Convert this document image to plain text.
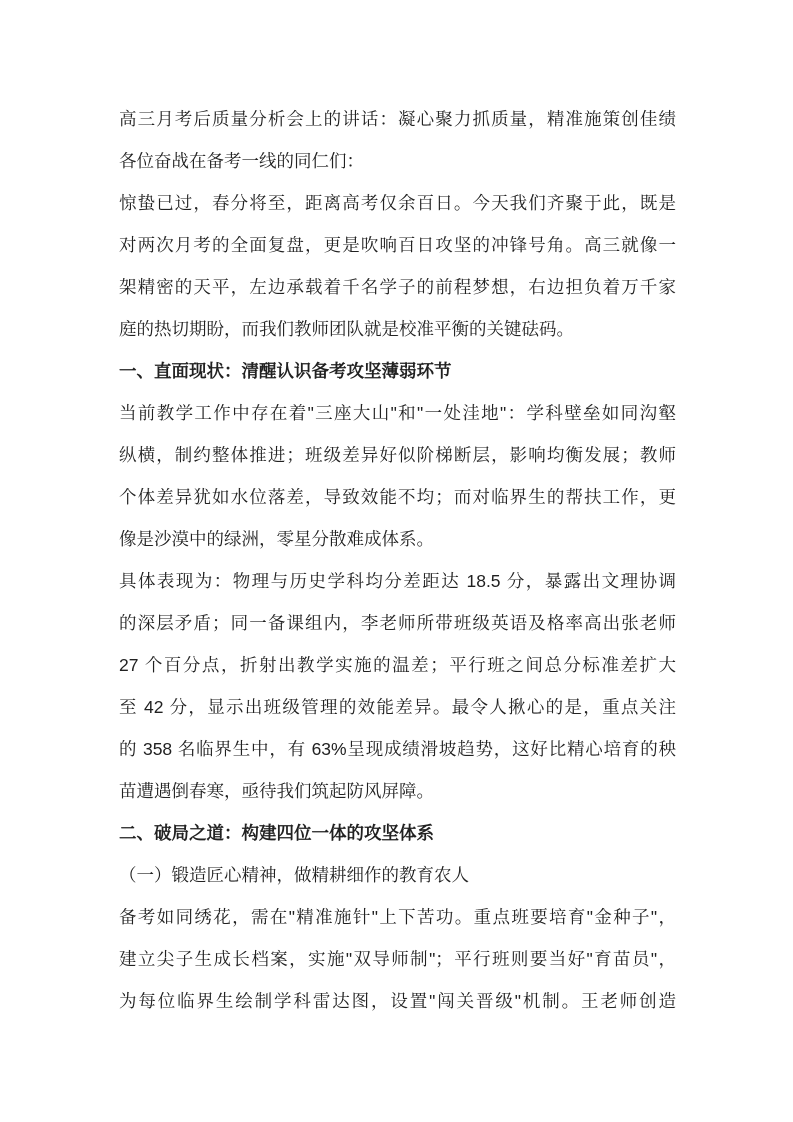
高三月考后质量分析会上的讲话：凝心聚力抓质量，精准施策创佳绩
各位奋战在备考一线的同仁们：
惊蛰已过，春分将至，距离高考仅余百日。今天我们齐聚于此，既是
对两次月考的全面复盘，更是吹响百日攻坚的冲锋号角。高三就像一
架精密的天平，左边承载着千名学子的前程梦想，右边担负着万千家
庭的热切期盼，而我们教师团队就是校准平衡的关键砝码。
一、直面现状：清醒认识备考攻坚薄弱环节
当前教学工作中存在着"三座大山"和"一处洼地"：学科壁垒如同沟壑
纵横，制约整体推进；班级差异好似阶梯断层，影响均衡发展；教师
个体差异犹如水位落差，导致效能不均；而对临界生的帮扶工作，更
像是沙漠中的绿洲，零星分散难成体系。
具体表现为：物理与历史学科均分差距达 18.5 分，暴露出文理协调
的深层矛盾；同一备课组内，李老师所带班级英语及格率高出张老师
27 个百分点，折射出教学实施的温差；平行班之间总分标准差扩大
至 42 分，显示出班级管理的效能差异。最令人揪心的是，重点关注
的 358 名临界生中，有 63%呈现成绩滑坡趋势，这好比精心培育的秧
苗遭遇倒春寒，亟待我们筑起防风屏障。
二、破局之道：构建四位一体的攻坚体系
（一）锻造匠心精神，做精耕细作的教育农人
备考如同绣花，需在"精准施针"上下苦功。重点班要培育"金种子"，
建立尖子生成长档案，实施"双导师制"；平行班则要当好"育苗员"，
为每位临界生绘制学科雷达图，设置"闯关晋级"机制。王老师创造
